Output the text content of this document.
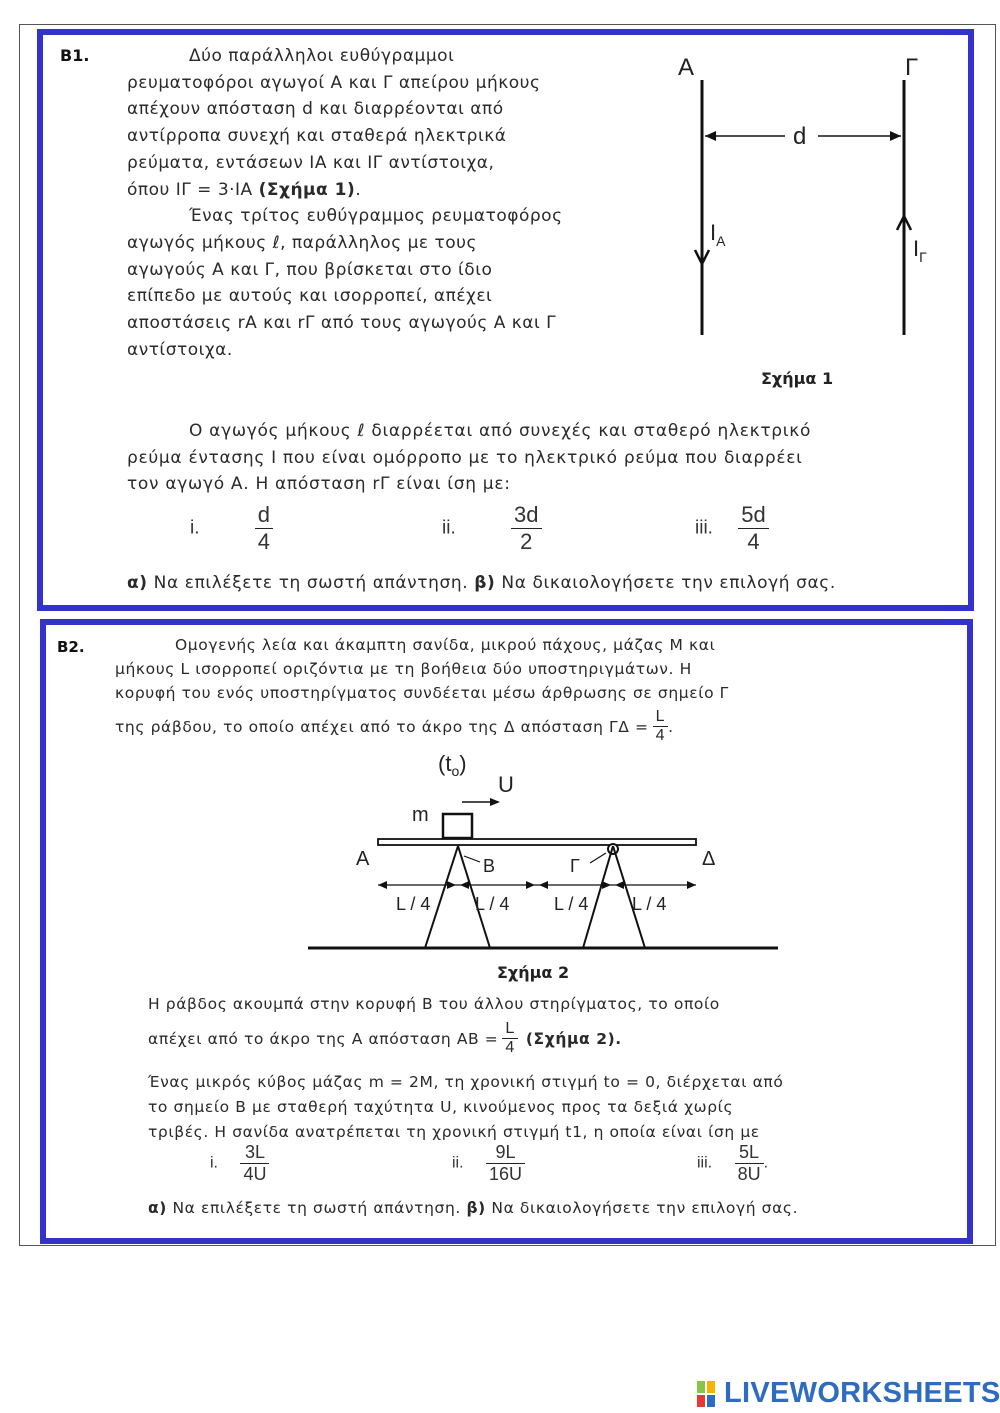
B1.	Δύο παράλληλοι ευθύγραμμοι
ρευματοφόροι αγωγοί Α και Γ απείρου μήκους
απέχουν απόσταση d και διαρρέονται από
αντίρροπα συνεχή και σταθερά ηλεκτρικά
ρεύματα, εντάσεων IΑ και IΓ αντίστοιχα,
όπου IΓ = 3·IΑ (Σχήμα 1).
Ένας τρίτος ευθύγραμμος ρευματοφόρος
αγωγός μήκους ℓ, παράλληλος με τους
αγωγούς Α και Γ, που βρίσκεται στο ίδιο
επίπεδο με αυτούς και ισορροπεί, απέχει
αποστάσεις rΑ και rΓ από τους αγωγούς Α και Γ
αντίστοιχα.
Α	Γ
d
$I_A$	$I_\Gamma$
Σχήμα 1
Ο αγωγός μήκους ℓ διαρρέεται από συνεχές και σταθερό ηλεκτρικό
ρεύμα έντασης I που είναι ομόρροπο με το ηλεκτρικό ρεύμα που διαρρέει
τον αγωγό Α. Η απόσταση rΓ είναι ίση με:
i.	$\frac{d}{4}$	ii.	$\frac{3d}{2}$	iii. $\frac{5d}{4}$
α) Να επιλέξετε τη σωστή απάντηση. β) Να δικαιολογήσετε την επιλογή σας.
B2.	Ομογενής λεία και άκαμπτη σανίδα, μικρού πάχους, μάζας Μ και
μήκους L ισορροπεί οριζόντια με τη βοήθεια δύο υποστηριγμάτων. Η
κορυφή του ενός υποστηρίγματος συνδέεται μέσω άρθρωσης σε σημείο Γ
της ράβδου, το οποίο απέχει από το άκρο της Δ απόσταση $\Gamma\Delta = \frac{L}{4}$ .
$(t_o)$
U
m
Α	Δ
Β	Γ
L / 4 L / 4 L / 4 L / 4
Σχήμα 2
Η ράβδος ακουμπά στην κορυφή Β του άλλου στηρίγματος, το οποίο
απέχει από το άκρο της Α απόσταση $AB = \frac{L}{4} (\Sigma\chi ή\mu\alpha$ 2).
Ένας μικρός κύβος μάζας m = 2M, τη χρονική στιγμή to = 0, διέρχεται από
το σημείο Β με σταθερή ταχύτητα U, κινούμενος προς τα δεξιά χωρίς
τριβές. Η σανίδα ανατρέπεται τη χρονική στιγμή t1, η οποία είναι ίση με
i. $\frac{3L}{4U}$	ii. $\frac{9L}{16U}$	iii. $\frac{5L}{8U}$ .
α) Να επιλέξετε τη σωστή απάντηση. β) Να δικαιολογήσετε την επιλογή σας.
LIVEWORKSHEETS
